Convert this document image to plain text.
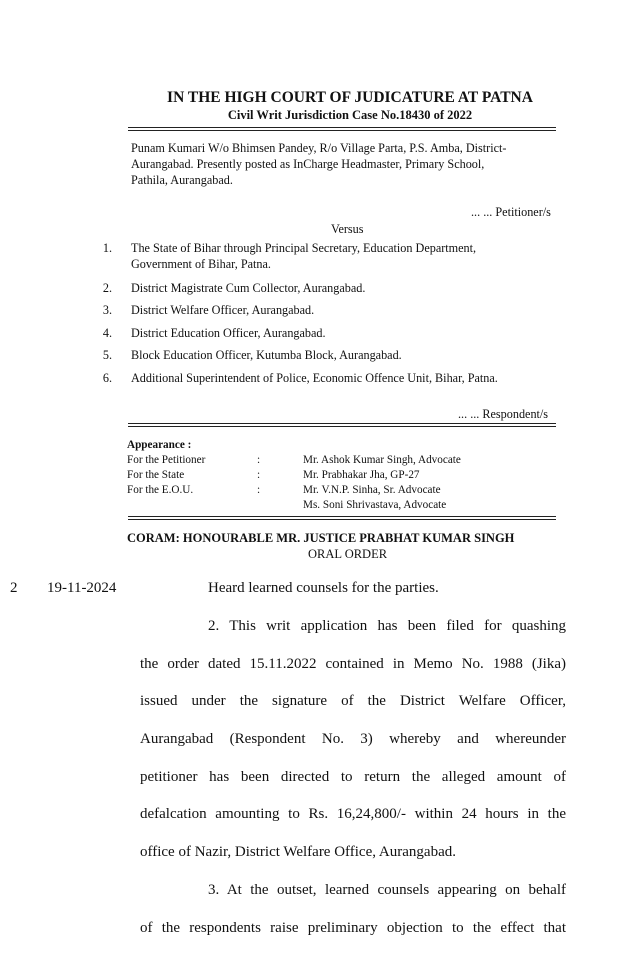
IN THE HIGH COURT OF JUDICATURE AT PATNA
Civil Writ Jurisdiction Case No.18430 of 2022
Punam Kumari W/o Bhimsen Pandey, R/o Village Parta, P.S. Amba, District-
Aurangabad. Presently posted as InCharge Headmaster, Primary School,
Pathila, Aurangabad.
... ... Petitioner/s
Versus
1. The State of Bihar through Principal Secretary, Education Department,
Government of Bihar, Patna.
2. District Magistrate Cum Collector, Aurangabad.
3. District Welfare Officer, Aurangabad.
4. District Education Officer, Aurangabad.
5. Block Education Officer, Kutumba Block, Aurangabad.
6. Additional Superintendent of Police, Economic Offence Unit, Bihar, Patna.
... ... Respondent/s
Appearance :
For the Petitioner	:	Mr. Ashok Kumar Singh, Advocate
For the State	:	Mr. Prabhakar Jha, GP-27
For the E.O.U.	:	Mr. V.N.P. Sinha, Sr. Advocate
Ms. Soni Shrivastava, Advocate
CORAM: HONOURABLE MR. JUSTICE PRABHAT KUMAR SINGH
ORAL ORDER
2 19-11-2024	Heard learned counsels for the parties.
2. This writ application has been filed for quashing
the order dated 15.11.2022 contained in Memo No. 1988 (Jika)
issued under the signature of the District Welfare Officer,
Aurangabad (Respondent No. 3) whereby and whereunder
petitioner has been directed to return the alleged amount of
defalcation amounting to Rs. 16,24,800/- within 24 hours in the
office of Nazir, District Welfare Office, Aurangabad.
3. At the outset, learned counsels appearing on behalf
of the respondents raise preliminary objection to the effect that
